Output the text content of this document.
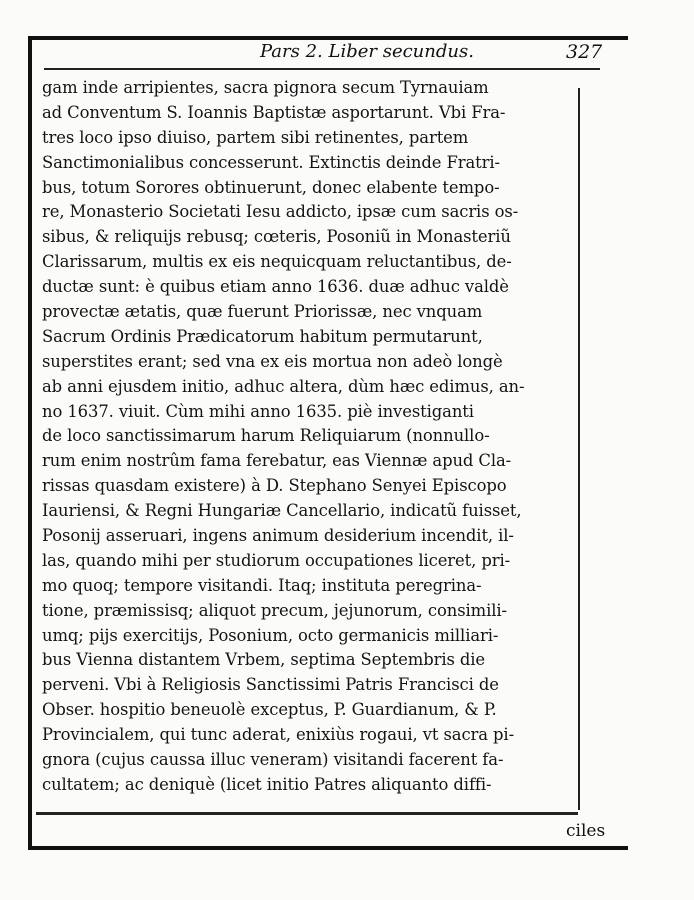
Pars 2. Liber secundus.	327
gam inde arripientes, sacra pignora secum Tyrnauiam
ad Conventum S. Ioannis Baptistæ asportarunt. Vbi Fra-
tres loco ipso diuiso, partem sibi retinentes, partem
Sanctimonialibus concesserunt. Extinctis deinde Fratri-
bus, totum Sorores obtinuerunt, donec elabente tempo-
re, Monasterio Societati Iesu addicto, ipsæ cum sacris os-
sibus, & reliquijs rebusq; cœteris, Posoniũ in Monasteriũ
Clarissarum, multis ex eis nequicquam reluctantibus, de-
ductæ sunt: è quibus etiam anno 1636. duæ adhuc valdè
provectæ ætatis, quæ fuerunt Priorissæ, nec vnquam
Sacrum Ordinis Prædicatorum habitum permutarunt,
superstites erant; sed vna ex eis mortua non adeò longè
ab anni ejusdem initio, adhuc altera, dùm hæc edimus, an-
no 1637. viuit. Cùm mihi anno 1635. piè investiganti
de loco sanctissimarum harum Reliquiarum (nonnullo-
rum enim nostrûm fama ferebatur, eas Viennæ apud Cla-
rissas quasdam existere) à D. Stephano Senyei Episcopo
Iauriensi, & Regni Hungariæ Cancellario, indicatũ fuisset,
Posonij asseruari, ingens animum desiderium incendit, il-
las, quando mihi per studiorum occupationes liceret, pri-
mo quoq; tempore visitandi. Itaq; instituta peregrina-
tione, præmissisq; aliquot precum, jejunorum, consimili-
umq; pijs exercitijs, Posonium, octo germanicis milliari-
bus Vienna distantem Vrbem, septima Septembris die
perveni. Vbi à Religiosis Sanctissimi Patris Francisci de
Obser. hospitio beneuolè exceptus, P. Guardianum, & P.
Provincialem, qui tunc aderat, enixiùs rogaui, vt sacra pi-
gnora (cujus caussa illuc veneram) visitandi facerent fa-
cultatem; ac deniquè (licet initio Patres aliquanto diffi-
ciles
